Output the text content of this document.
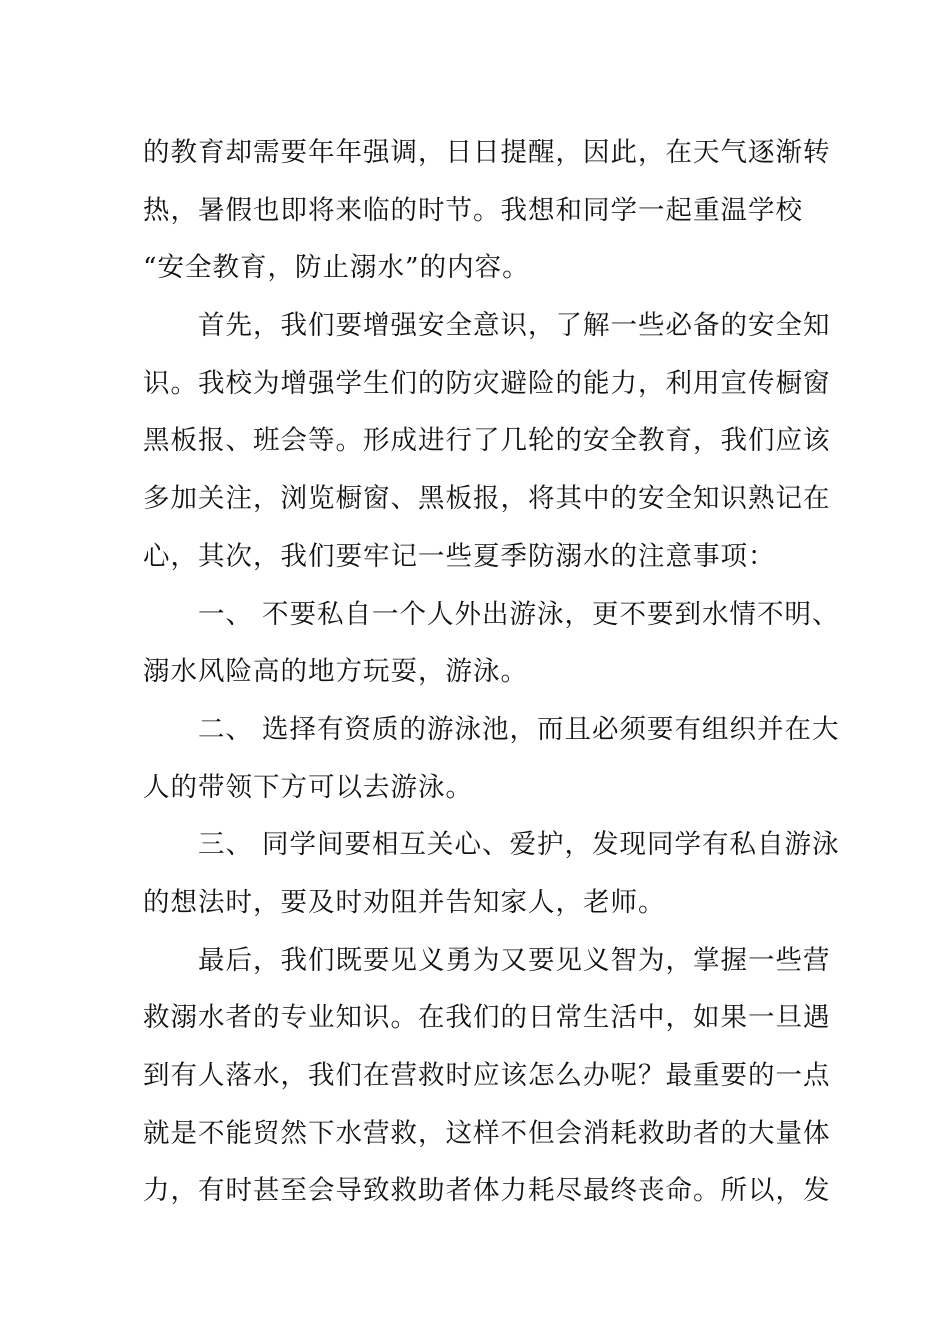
的教育却需要年年强调，日日提醒，因此，在天气逐渐转
热，暑假也即将来临的时节。我想和同学一起重温学校
“安全教育，防止溺水”的内容。
首先，我们要增强安全意识，了解一些必备的安全知
识。我校为增强学生们的防灾避险的能力，利用宣传橱窗
黑板报、班会等。形成进行了几轮的安全教育，我们应该
多加关注，浏览橱窗、黑板报，将其中的安全知识熟记在
心，其次，我们要牢记一些夏季防溺水的注意事项：
一、 不要私自一个人外出游泳，更不要到水情不明、
溺水风险高的地方玩耍，游泳。
二、 选择有资质的游泳池，而且必须要有组织并在大
人的带领下方可以去游泳。
三、 同学间要相互关心、爱护，发现同学有私自游泳
的想法时，要及时劝阻并告知家人，老师。
最后，我们既要见义勇为又要见义智为，掌握一些营
救溺水者的专业知识。在我们的日常生活中，如果一旦遇
到有人落水，我们在营救时应该怎么办呢？最重要的一点
就是不能贸然下水营救，这样不但会消耗救助者的大量体
力，有时甚至会导致救助者体力耗尽最终丧命。所以，发
